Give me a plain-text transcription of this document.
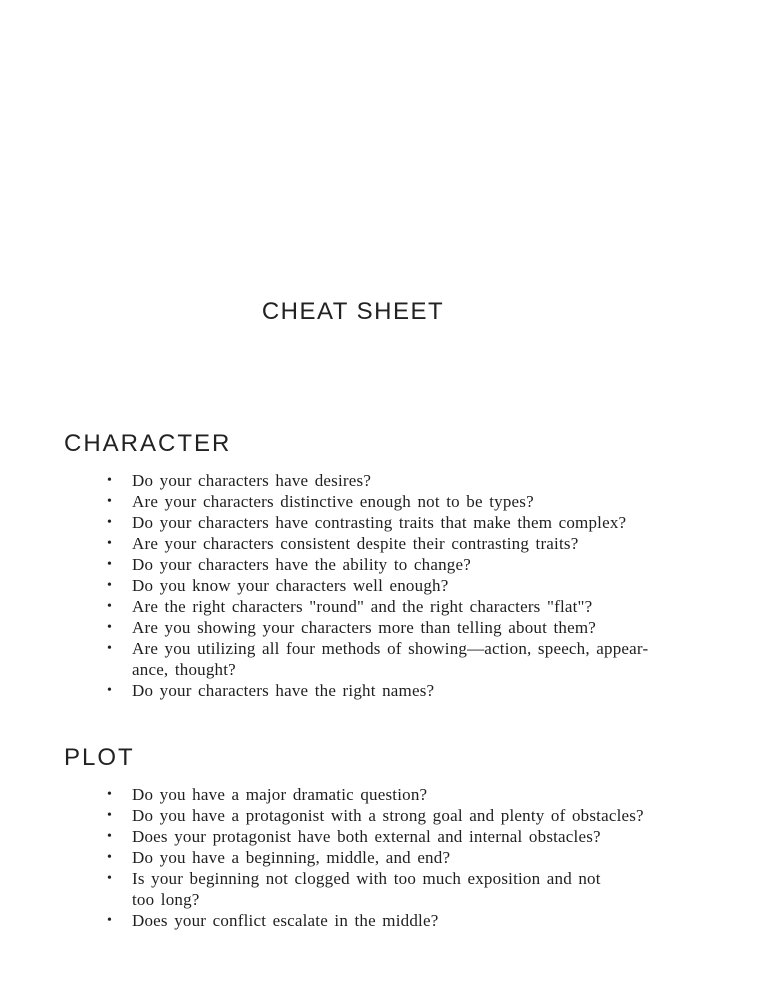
CHEAT SHEET
CHARACTER
•	Do your characters have desires?
•	Are your characters distinctive enough not to be types?
•	Do your characters have contrasting traits that make them complex?
•	Are your characters consistent despite their contrasting traits?
•	Do your characters have the ability to change?
•	Do you know your characters well enough?
•	Are the right characters "round" and the right characters "flat"?
•	Are you showing your characters more than telling about them?
•	Are you utilizing all four methods of showing—action, speech, appear-
ance, thought?
•	Do your characters have the right names?
PLOT
•	Do you have a major dramatic question?
•	Do you have a protagonist with a strong goal and plenty of obstacles?
•	Does your protagonist have both external and internal obstacles?
•	Do you have a beginning, middle, and end?
•	Is your beginning not clogged with too much exposition and not
too long?
•	Does your conflict escalate in the middle?
